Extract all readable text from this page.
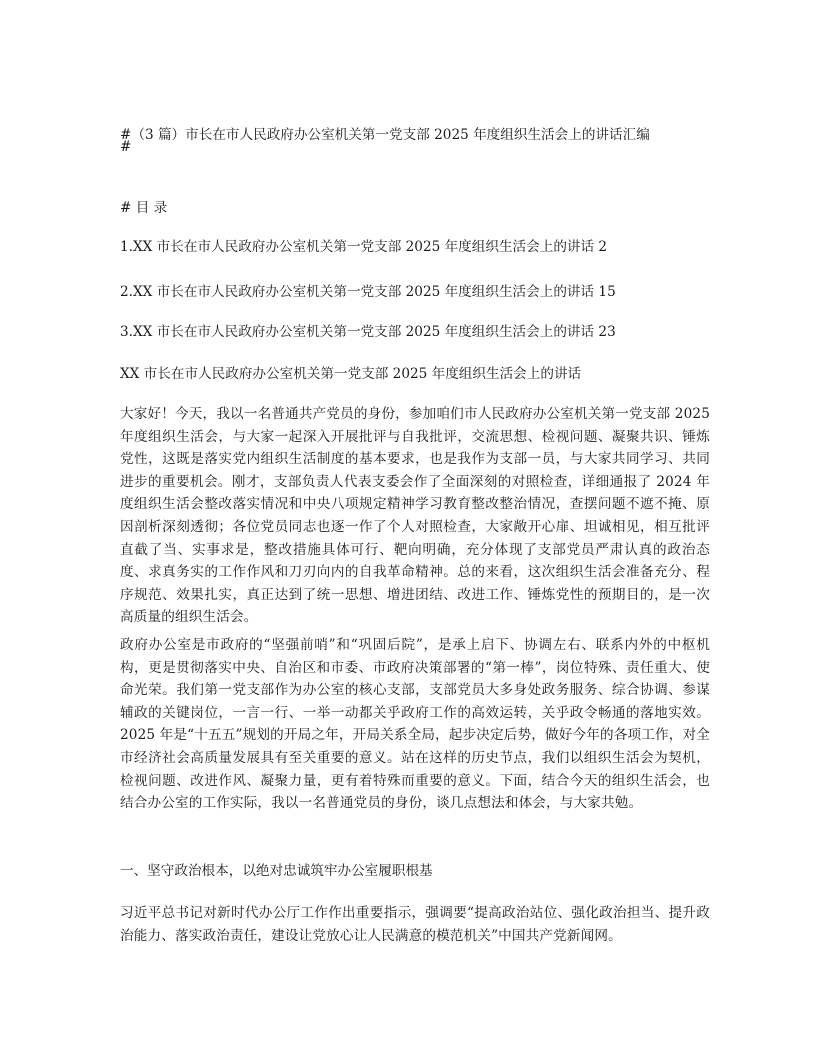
#（3 篇）市长在市人民政府办公室机关第一党支部 2025 年度组织生活会上的讲话汇编
#
# 目 录
1.XX 市长在市人民政府办公室机关第一党支部 2025 年度组织生活会上的讲话 2
2.XX 市长在市人民政府办公室机关第一党支部 2025 年度组织生活会上的讲话 15
3.XX 市长在市人民政府办公室机关第一党支部 2025 年度组织生活会上的讲话 23
XX 市长在市人民政府办公室机关第一党支部 2025 年度组织生活会上的讲话
大家好！今天，我以一名普通共产党员的身份，参加咱们市人民政府办公室机关第一党支部 2025 年度组织生活会，与大家一起深入开展批评与自我批评，交流思想、检视问题、凝聚共识、锤炼党性，这既是落实党内组织生活制度的基本要求，也是我作为支部一员，与大家共同学习、共同进步的重要机会。刚才，支部负责人代表支委会作了全面深刻的对照检查，详细通报了 2024 年度组织生活会整改落实情况和中央八项规定精神学习教育整改整治情况，查摆问题不遮不掩、原因剖析深刻透彻；各位党员同志也逐一作了个人对照检查，大家敞开心扉、坦诚相见，相互批评直截了当、实事求是，整改措施具体可行、靶向明确，充分体现了支部党员严肃认真的政治态度、求真务实的工作作风和刀刃向内的自我革命精神。总的来看，这次组织生活会准备充分、程序规范、效果扎实，真正达到了统一思想、增进团结、改进工作、锤炼党性的预期目的，是一次高质量的组织生活会。
政府办公室是市政府的“坚强前哨”和“巩固后院”，是承上启下、协调左右、联系内外的中枢机构，更是贯彻落实中央、自治区和市委、市政府决策部署的“第一棒”，岗位特殊、责任重大、使命光荣。我们第一党支部作为办公室的核心支部，支部党员大多身处政务服务、综合协调、参谋辅政的关键岗位，一言一行、一举一动都关乎政府工作的高效运转，关乎政令畅通的落地实效。2025 年是“十五五”规划的开局之年，开局关系全局，起步决定后势，做好今年的各项工作，对全市经济社会高质量发展具有至关重要的意义。站在这样的历史节点，我们以组织生活会为契机，检视问题、改进作风、凝聚力量，更有着特殊而重要的意义。下面，结合今天的组织生活会，也结合办公室的工作实际，我以一名普通党员的身份，谈几点想法和体会，与大家共勉。
一、坚守政治根本，以绝对忠诚筑牢办公室履职根基
习近平总书记对新时代办公厅工作作出重要指示，强调要“提高政治站位、强化政治担当、提升政治能力、落实政治责任，建设让党放心让人民满意的模范机关”中国共产党新闻网。
